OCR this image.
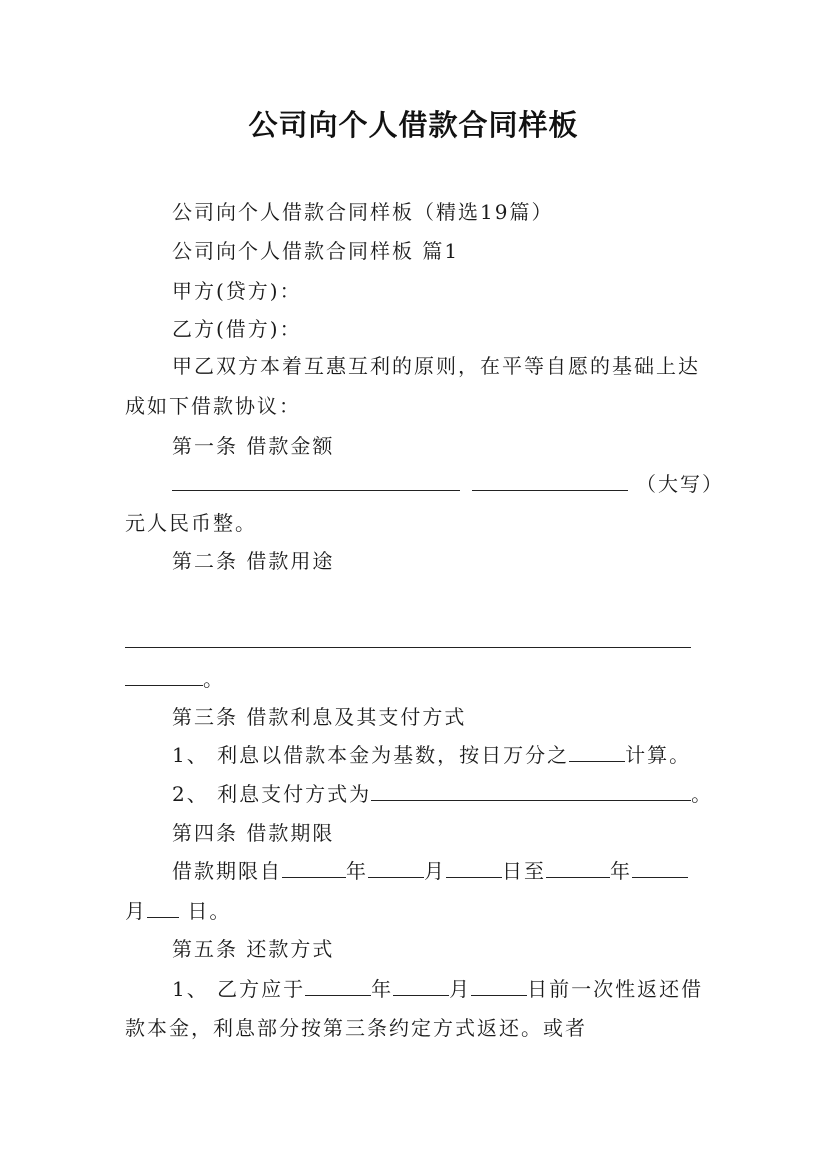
公司向个人借款合同样板
公司向个人借款合同样板（精选19篇）
公司向个人借款合同样板 篇1
甲方(贷方)：
乙方(借方)：
甲乙双方本着互惠互利的原则，在平等自愿的基础上达
成如下借款协议：
第一条 借款金额
（大写）
元人民币整。
第二条 借款用途
。
第三条 借款利息及其支付方式
1、 利息以借款本金为基数，按日万分之	计算。
2、 利息支付方式为	。
第四条 借款期限
借款期限自	年	月	日至	年
月 日。
第五条 还款方式
1、 乙方应于	年	月	日前一次性返还借
款本金，利息部分按第三条约定方式返还。或者
